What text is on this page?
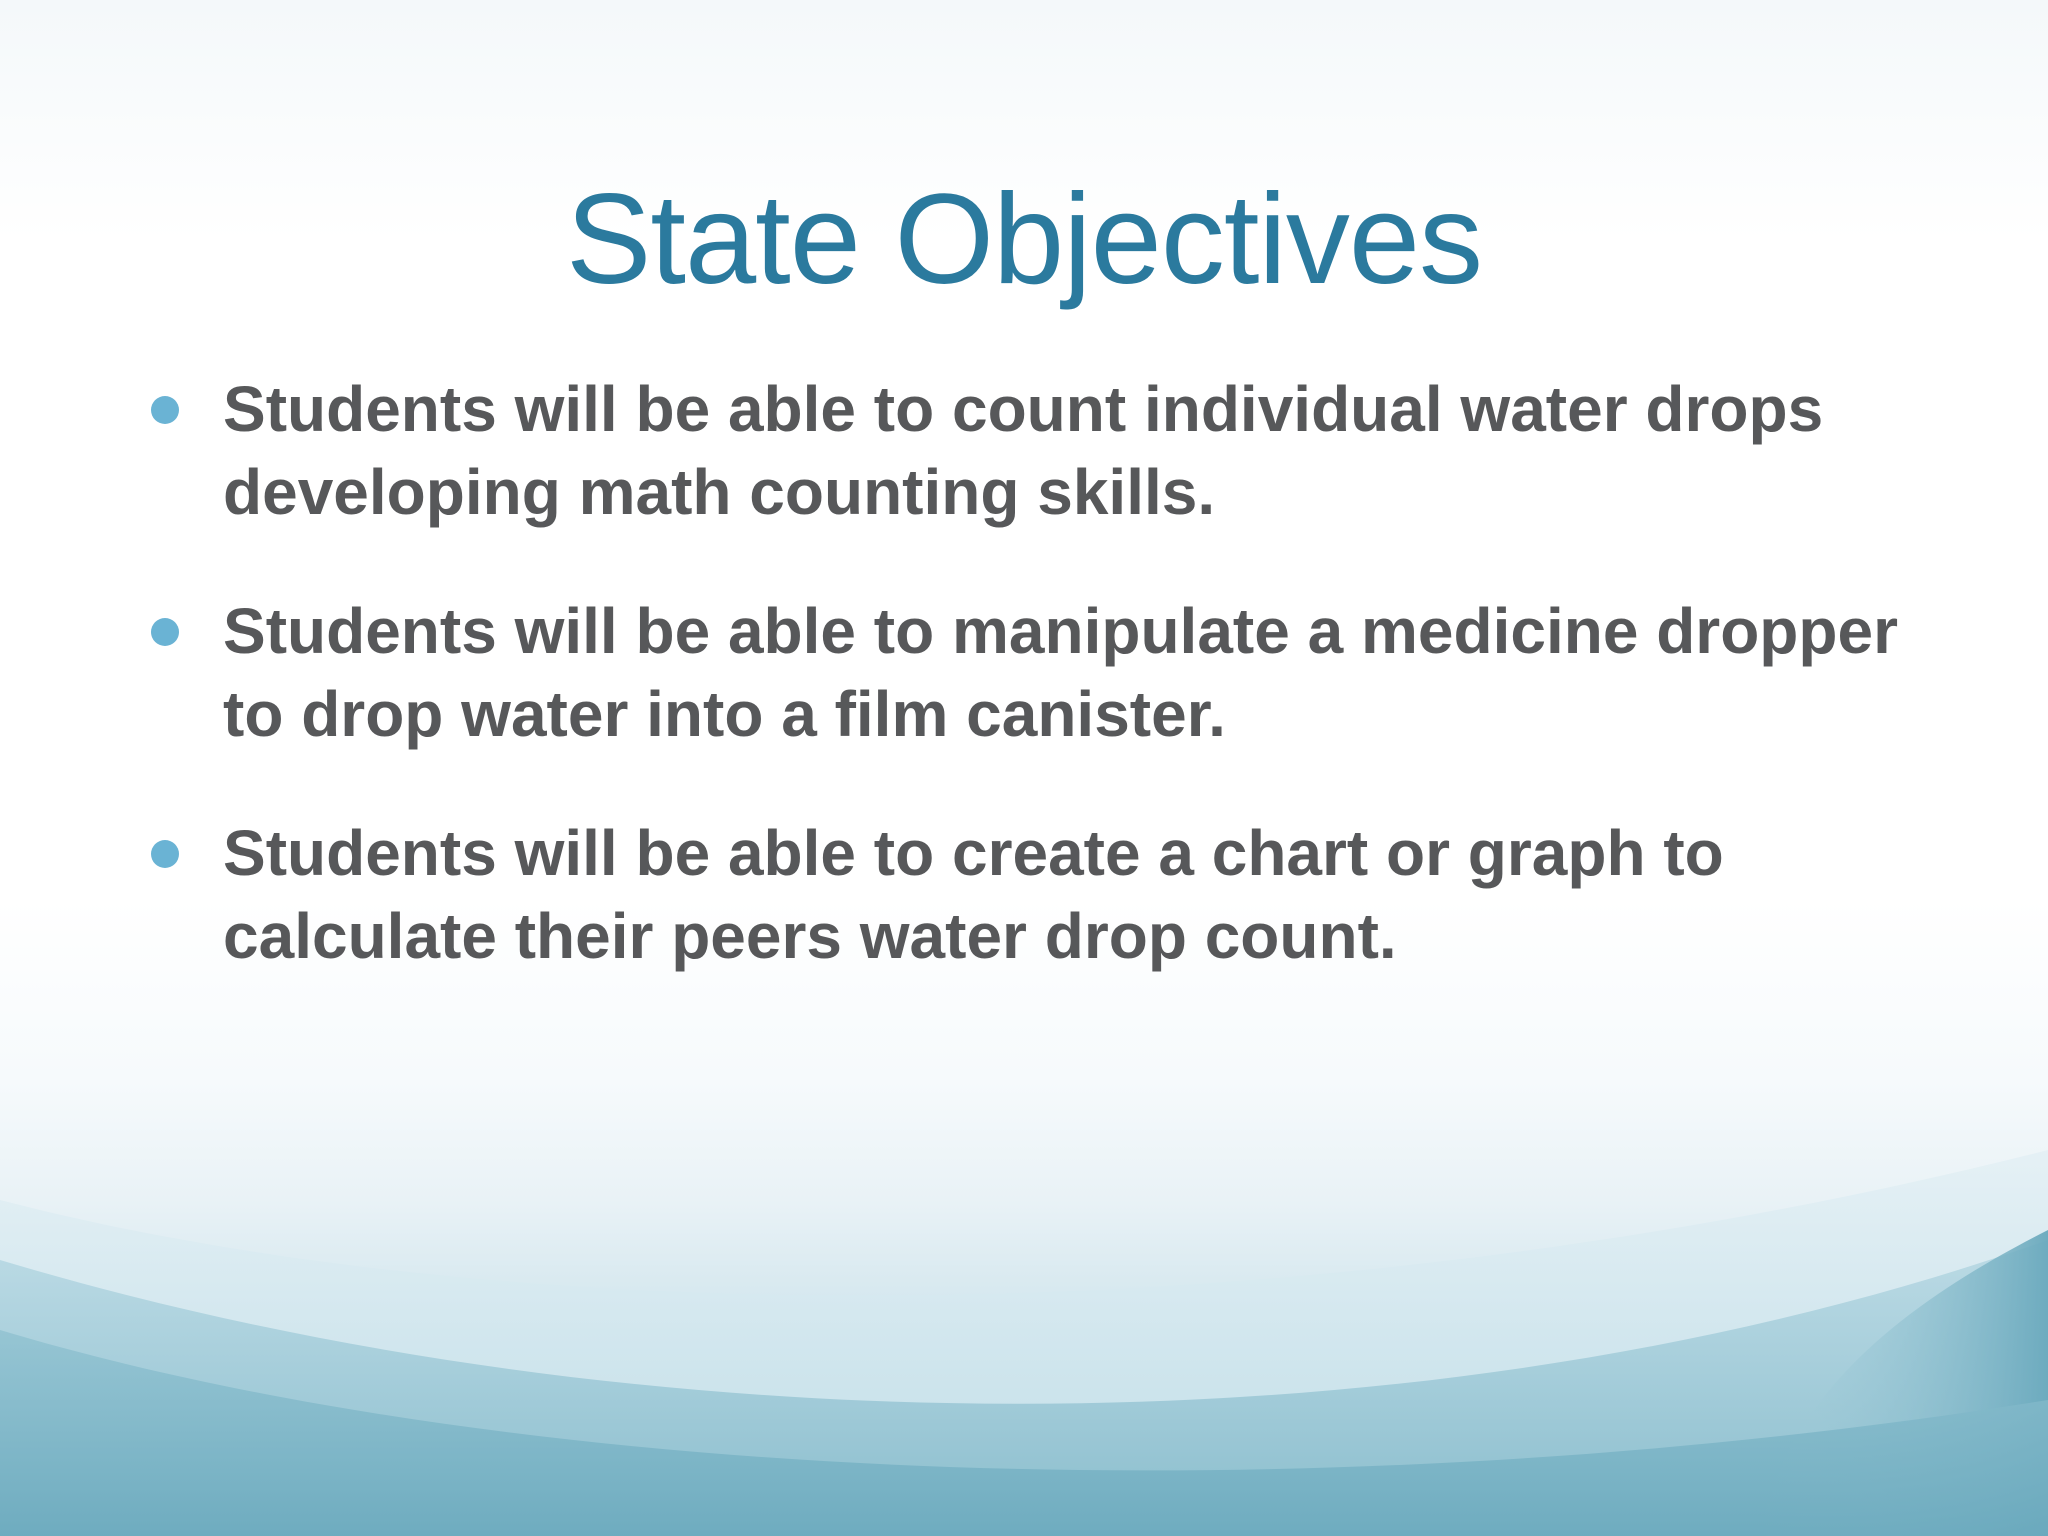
State Objectives
Students will be able to count individual water drops developing math counting skills.
Students will be able to manipulate a medicine dropper to drop water into a film canister.
Students will be able to create a chart or graph to calculate their peers water drop count.
